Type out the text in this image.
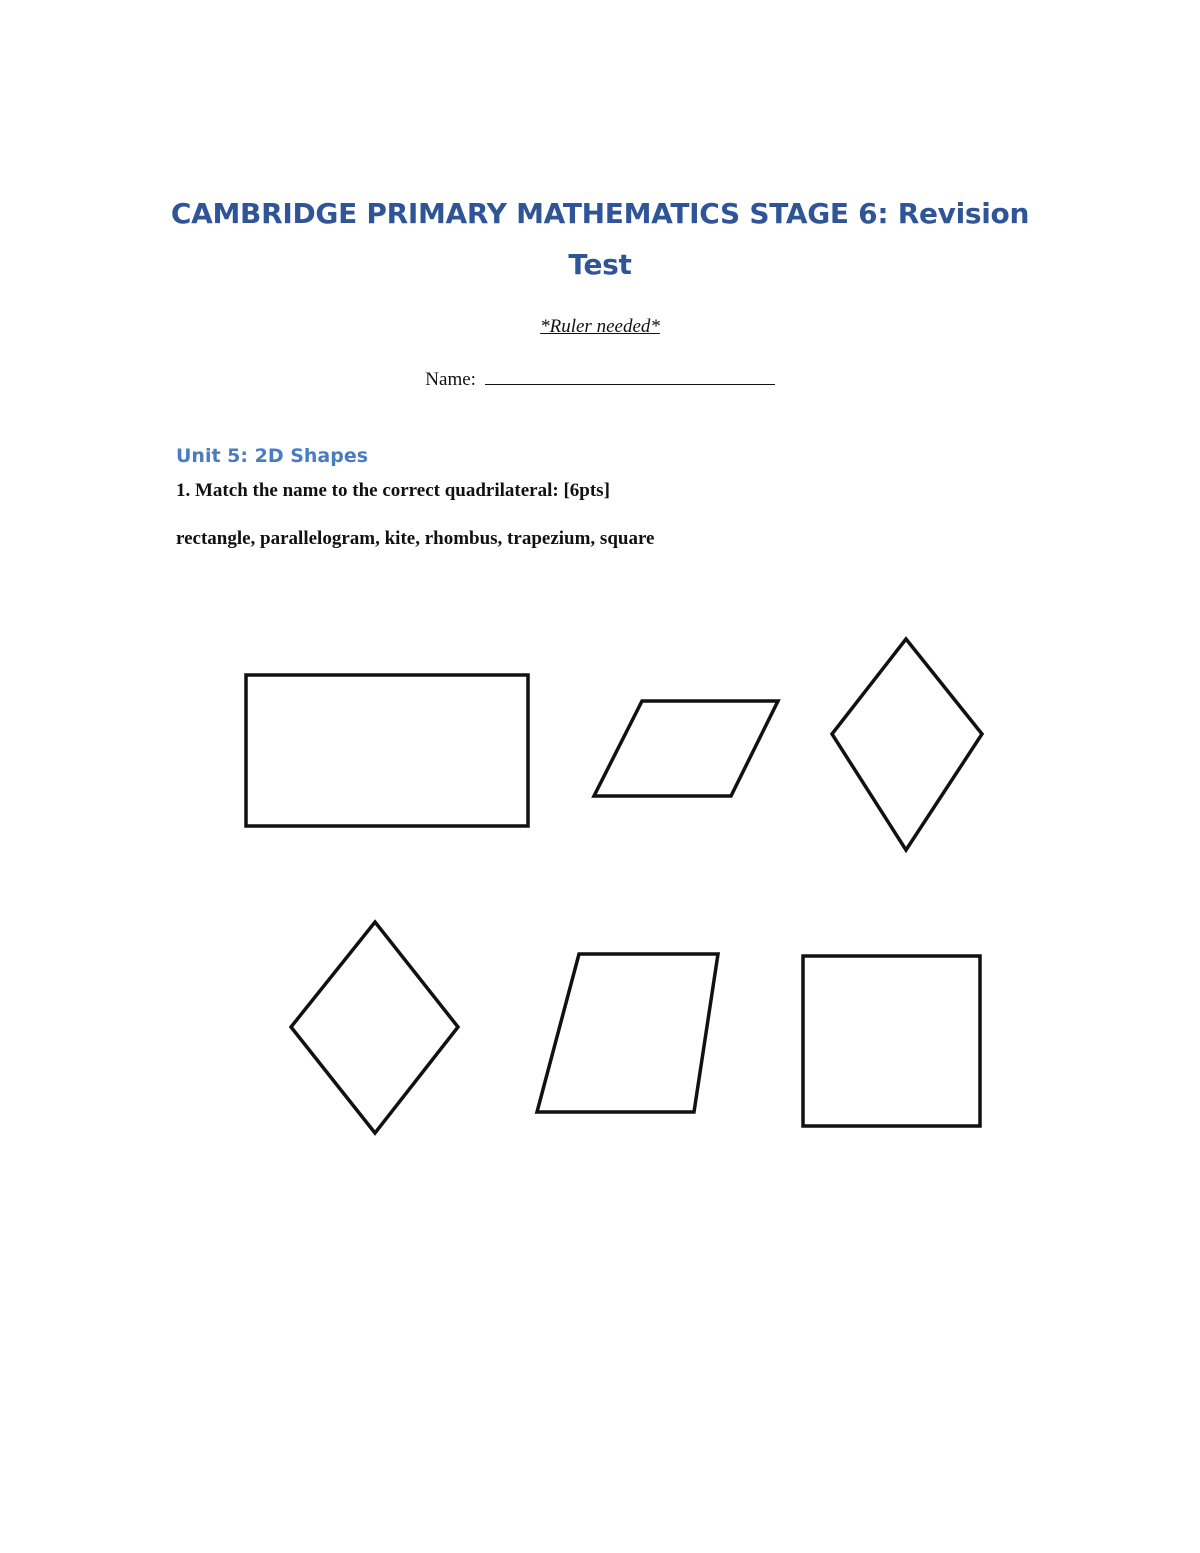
CAMBRIDGE PRIMARY MATHEMATICS STAGE 6: Revision
Test
*Ruler needed*
Name:
Unit 5: 2D Shapes
1. Match the name to the correct quadrilateral: [6pts]
rectangle, parallelogram, kite, rhombus, trapezium, square
